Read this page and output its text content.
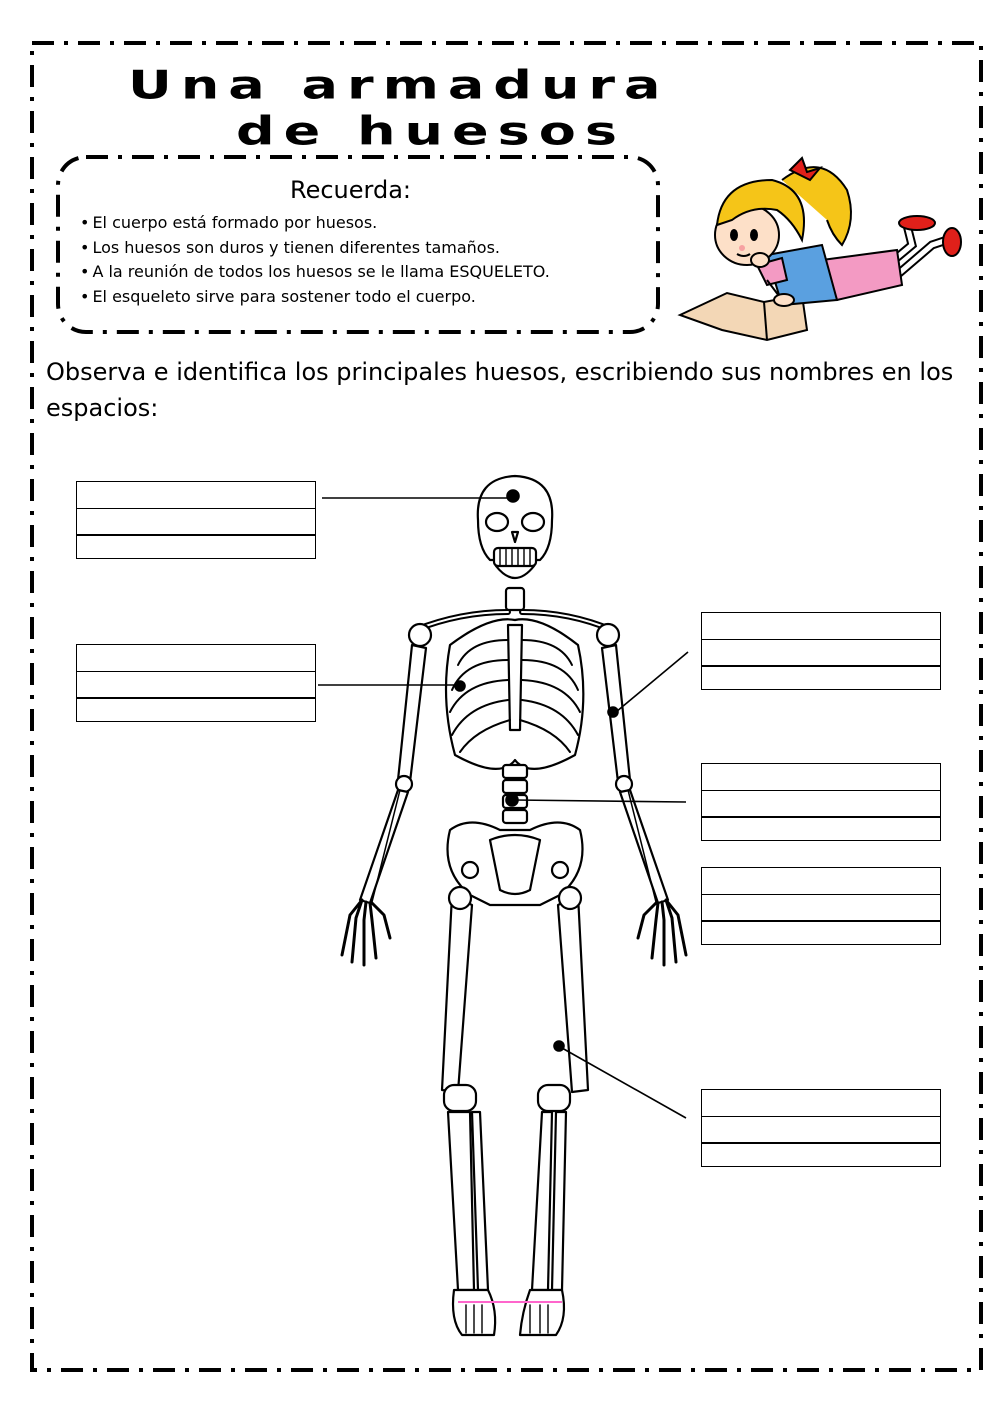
Una armadura
de huesos
Recuerda:
• El cuerpo está formado por huesos.
• Los huesos son duros y tienen diferentes tamaños.
• A la reunión de todos los huesos se le llama ESQUELETO.
• El esqueleto sirve para sostener todo el cuerpo.

Observa e identifica los principales huesos, escribiendo sus nombres en los espacios:
